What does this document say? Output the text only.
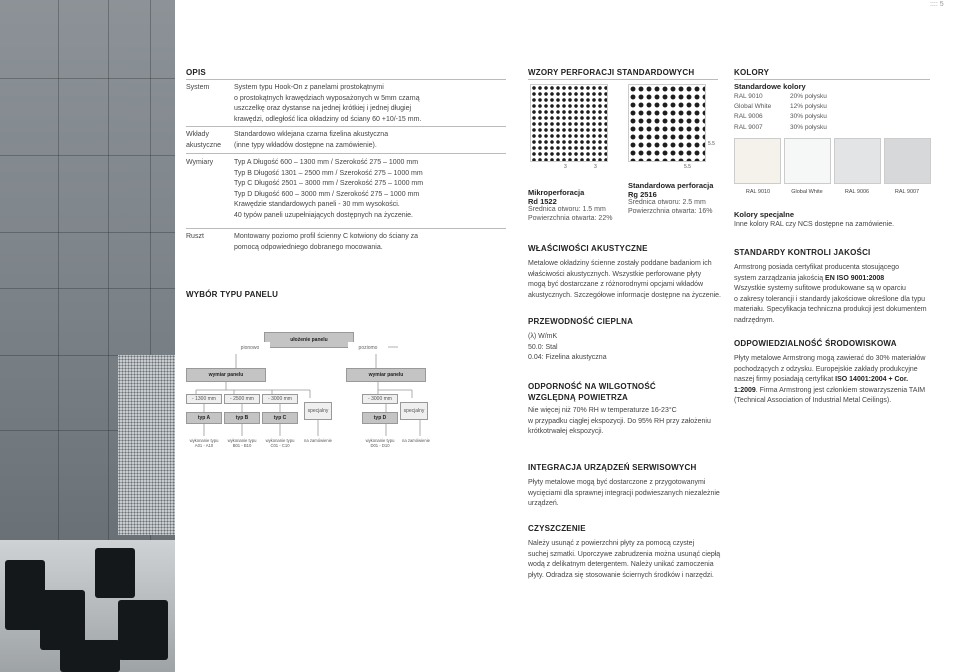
:::: 5
OPIS
System	System typu Hook-On z panelami prostokątnymi
o prostokątnych krawędziach wyposażonych w 5mm czarną
uszczelkę oraz dystanse na jednej krótkiej i jednej długiej
krawędzi, odległość lica okładziny od ściany 60 +10/-15 mm.
Wkłady
akustyczne
Standardowo wklejana czarna fizelina akustyczna
(inne typy wkładów dostępne na zamówienie).
Wymiary	Typ A Długość 600 – 1300 mm / Szerokość 275 – 1000 mm
Typ B Długość 1301 – 2500 mm / Szerokość 275 – 1000 mm
Typ C Długość 2501 – 3000 mm / Szerokość 275 – 1000 mm
Typ D Długość 600 – 3000 mm / Szerokość 275 – 1000 mm
Krawędzie standardowych paneli - 30 mm wysokości.
40 typów paneli uzupełniających dostępnych na życzenie.
Ruszt	Montowany poziomo profil ścienny C kotwiony do ściany za
pomocą odpowiedniego dobranego mocowania.
WYBÓR TYPU PANELU
ułożenie panelu
pionowo	poziomo
wymiar panelu	wymiar panelu
- 1300 mm	- 2500 mm	- 3000 mm	- 3000 mm
specjalny	specjalny
typ A	typ B	typ C	typ D
wykonanie typu
A01 - A10
wykonanie typu
B01 - B10
wykonanie typu
C01 - C10
na zamówienie	wykonanie typu
D01 - D10
na zamówienie
WZORY PERFORACJI STANDARDOWYCH
3	3	5.5
5.5
Mikroperforacja
Rd 1522
Średnica otworu: 1.5 mm
Powierzchnia otwarta: 22%
Standardowa perforacja
Rg 2516
Średnica otworu: 2.5 mm
Powierzchnia otwarta: 16%
WŁAŚCIWOŚCI AKUSTYCZNE
Metalowe okładziny ścienne zostały poddane badaniom ich
właściwości akustycznych. Wszystkie perforowane płyty
mogą być dostarczane z różnorodnymi opcjami wkładów
akustycznych. Szczegółowe informacje dostępne na życzenie.
PRZEWODNOŚĆ CIEPLNA
(λ) W/mK
50.0: Stal
0.04: Fizelina akustyczna
ODPORNOŚĆ NA WILGOTNOŚĆ
WZGLĘDNĄ POWIETRZA
Nie więcej niż 70% RH w temperaturze 16-23°C
w przypadku ciągłej ekspozycji. Do 95% RH przy założeniu
krótkotrwałej ekspozycji.
INTEGRACJA URZĄDZEŃ SERWISOWYCH
Płyty metalowe mogą być dostarczone z przygotowanymi
wycięciami dla sprawnej integracji podwieszanych niezależnie
urządzeń.
CZYSZCZENIE
Należy usunąć z powierzchni płyty za pomocą czystej
suchej szmatki. Uporczywe zabrudzenia można usunąć ciepłą
wodą z delikatnym detergentem. Należy unikać zamoczenia
płyty. Odradza się stosowanie ściernych środków i narzędzi.
KOLORY
Standardowe kolory
RAL 9010	20% połysku
Global White	12% połysku
RAL 9006	30% połysku
RAL 9007	30% połysku
RAL 9010	Global White	RAL 9006	RAL 9007
Kolory specjalne
Inne kolory RAL czy NCS dostępne na zamówienie.
STANDARDY KONTROLI JAKOŚCI
Armstrong posiada certyfikat producenta stosującego
system zarządzania jakością EN ISO 9001:2008
Wszystkie systemy sufitowe produkowane są w oparciu
o zakresy tolerancji i standardy jakościowe określone dla typu
materiału. Specyfikacja techniczna produkcji jest dokumentem
nadrzędnym.
ODPOWIEDZIALNOŚĆ ŚRODOWISKOWA
Płyty metalowe Armstrong mogą zawierać do 30% materiałów
pochodzących z odzysku. Europejskie zakłady produkcyjne
naszej firmy posiadają certyfikat ISO 14001:2004 + Cor.
1:2009. Firma Armstrong jest członkiem stowarzyszenia TAIM
(Technical Association of Industrial Metal Ceilings).
